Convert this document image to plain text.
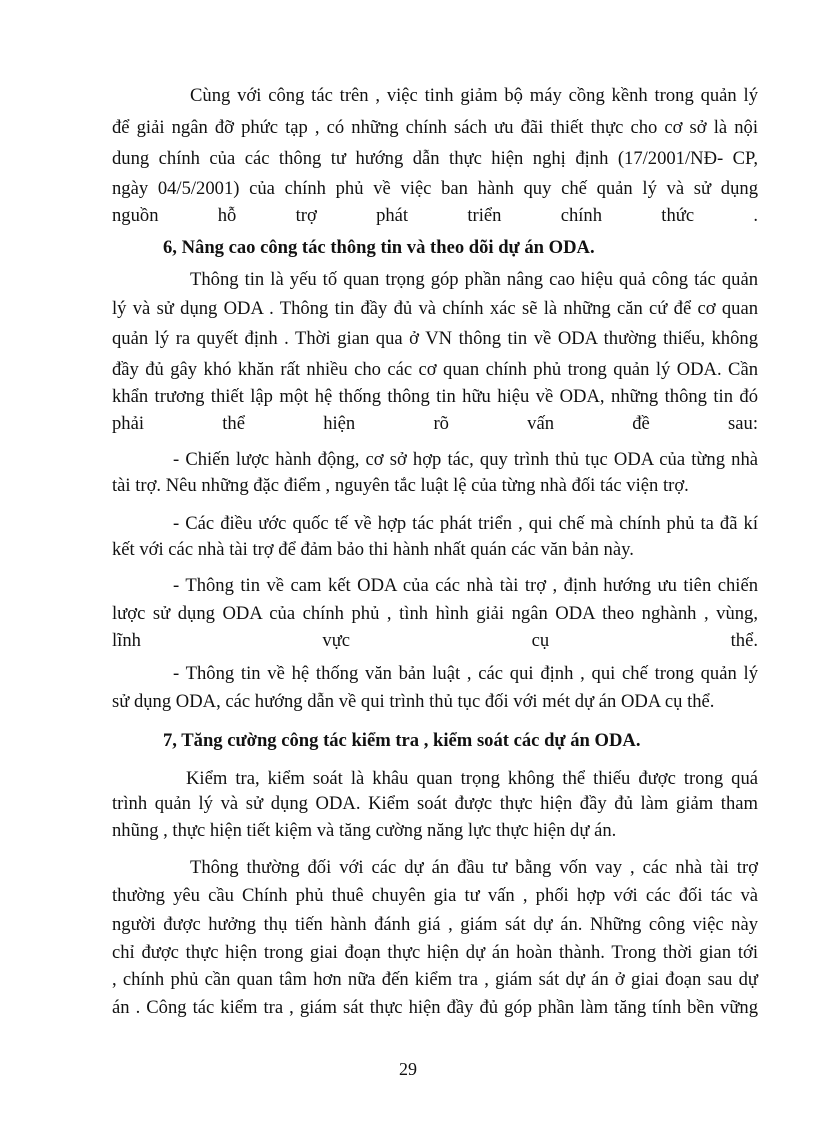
Cùng với công tác trên , việc tinh giảm bộ máy cồng kềnh trong quản lý
để giải ngân đỡ phức tạp , có những chính sách ưu đãi thiết thực cho cơ sở là nội
dung chính của các thông tư hướng dẫn thực hiện nghị định (17/2001/NĐ- CP,
ngày 04/5/2001) của chính phủ về việc ban hành quy chế quản lý và sử dụng
nguồn hỗ trợ phát triển chính thức .
6, Nâng cao công tác thông tin và theo dõi dự án ODA.
Thông tin là yếu tố quan trọng góp phần nâng cao hiệu quả công tác quản
lý và sử dụng ODA . Thông tin đầy đủ và chính xác sẽ là những căn cứ để cơ quan
quản lý ra quyết định . Thời gian qua ở VN thông tin về ODA thường thiếu, không
đầy đủ gây khó khăn rất nhiều cho các cơ quan chính phủ trong quản lý ODA. Cần
khẩn trương thiết lập một hệ thống thông tin hữu hiệu về ODA, những thông tin đó
phải thể hiện rõ vấn đề sau:
- Chiến lược hành động, cơ sở hợp tác, quy trình thủ tục ODA của từng nhà
tài trợ. Nêu những đặc điểm , nguyên tắc luật lệ của từng nhà đối tác viện trợ.
- Các điều ước quốc tế về hợp tác phát triển , qui chế mà chính phủ ta đã kí
kết với các nhà tài trợ để đảm bảo thi hành nhất quán các văn bản này.
- Thông tin về cam kết ODA của các nhà tài trợ , định hướng ưu tiên chiến
lược sử dụng ODA của chính phủ , tình hình giải ngân ODA theo nghành , vùng,
lĩnh vực cụ thể.
- Thông tin về hệ thống văn bản luật , các qui định , qui chế trong quản lý
sử dụng ODA, các hướng dẫn về qui trình thủ tục đối với mét dự án ODA cụ thể.
7, Tăng cường công tác kiểm tra , kiểm soát các dự án ODA.
Kiểm tra, kiểm soát là khâu quan trọng không thể thiếu được trong quá
trình quản lý và sử dụng ODA. Kiểm soát được thực hiện đầy đủ làm giảm tham
nhũng , thực hiện tiết kiệm và tăng cường năng lực thực hiện dự án.
Thông thường đối với các dự án đầu tư bằng vốn vay , các nhà tài trợ
thường yêu cầu Chính phủ thuê chuyên gia tư vấn , phối hợp với các đối tác và
người được hưởng thụ tiến hành đánh giá , giám sát dự án. Những công việc này
chỉ được thực hiện trong giai đoạn thực hiện dự án hoàn thành. Trong thời gian tới
, chính phủ cần quan tâm hơn nữa đến kiểm tra , giám sát dự án ở giai đoạn sau dự
án . Công tác kiểm tra , giám sát thực hiện đầy đủ góp phần làm tăng tính bền vững
29
